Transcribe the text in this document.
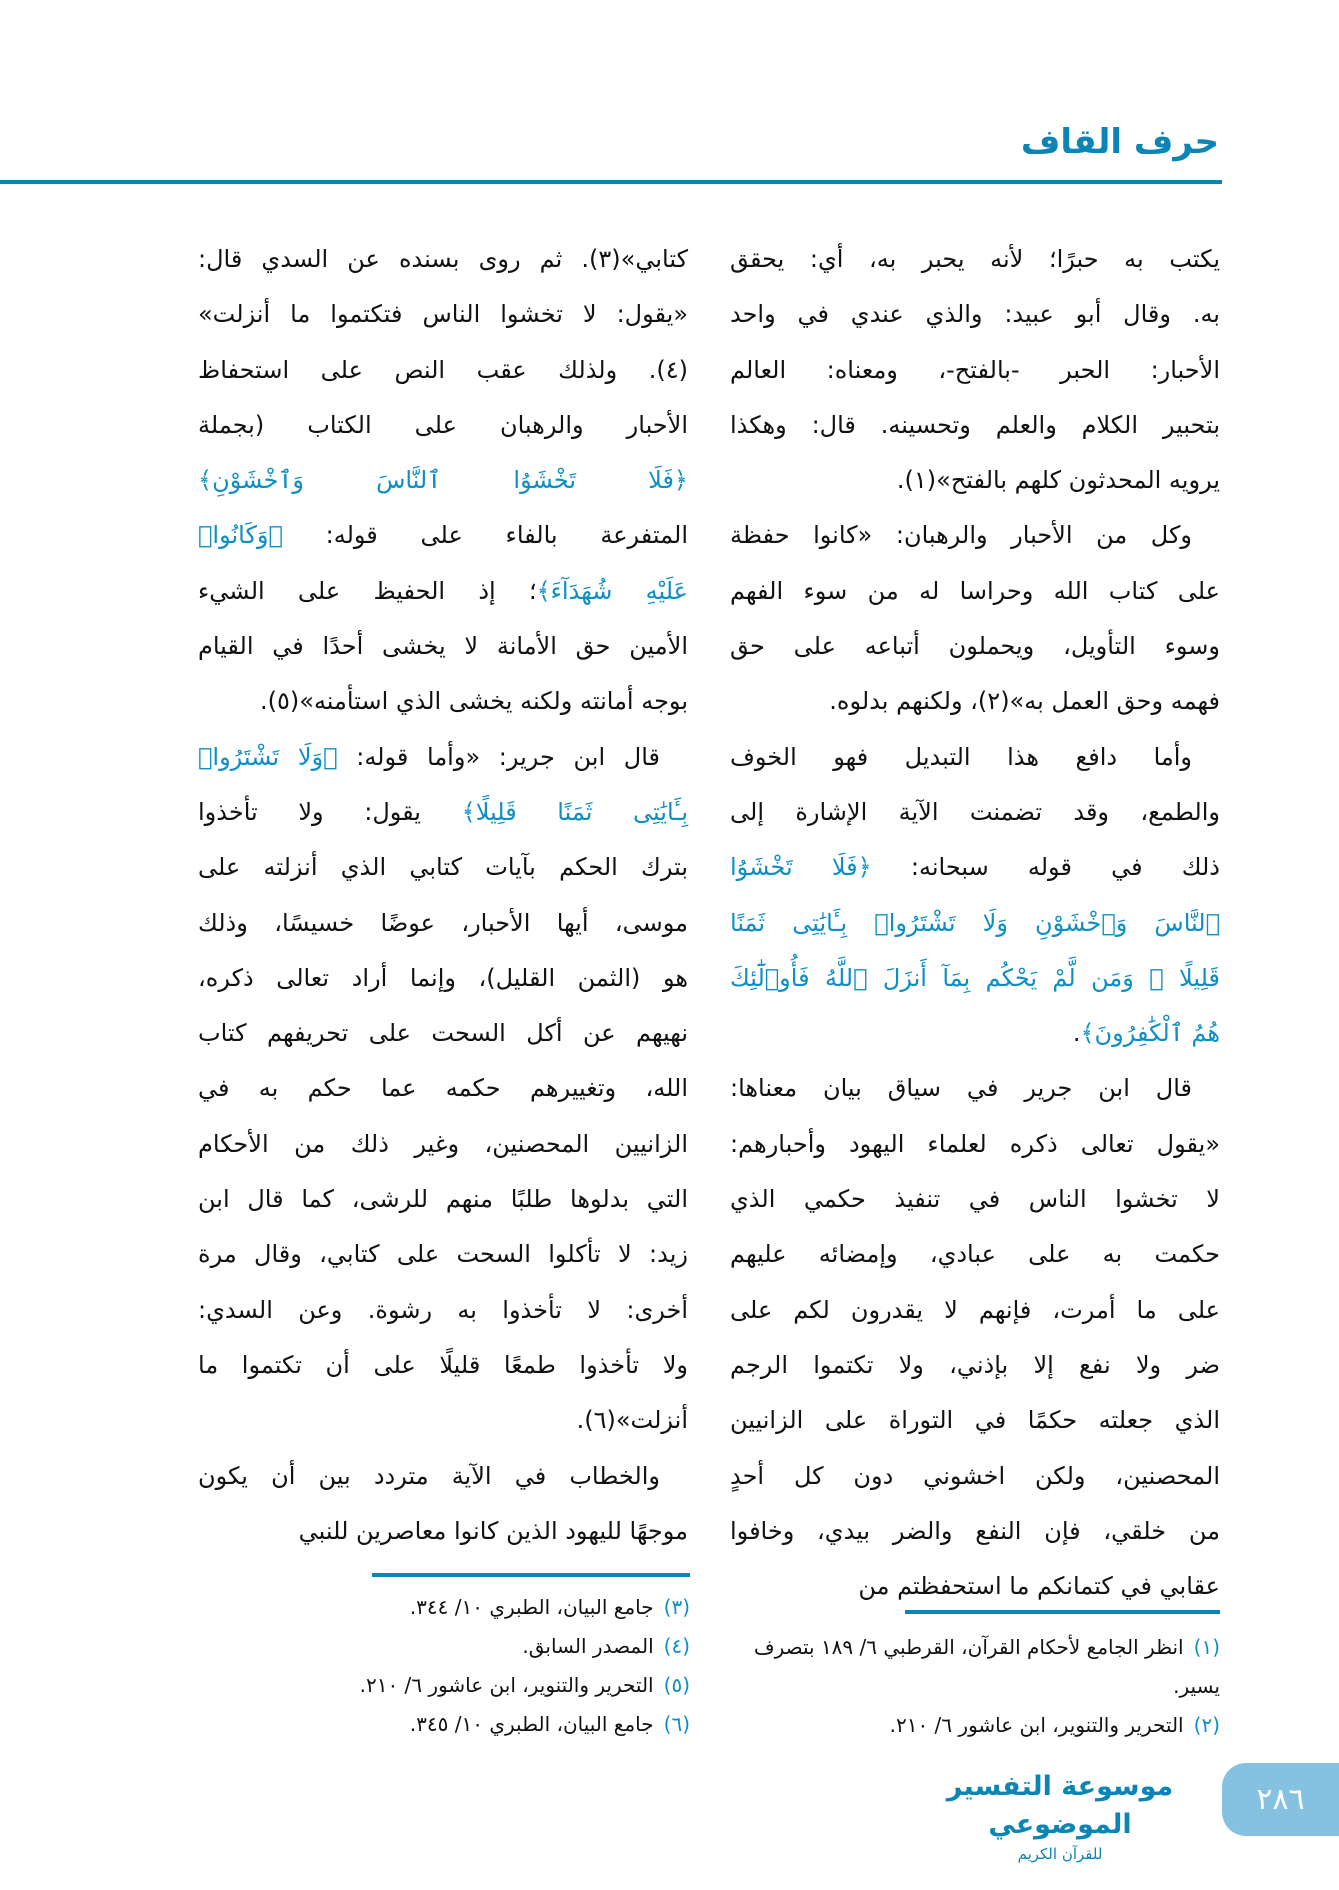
حرف القاف
يكتب به حبرًا؛ لأنه يحبر به، أي: يحقق
به. وقال أبو عبيد: والذي عندي في واحد
الأحبار: الحبر -بالفتح-، ومعناه: العالم
بتحبير الكلام والعلم وتحسينه. قال: وهكذا
يرويه المحدثون كلهم بالفتح»(١).
وكل من الأحبار والرهبان: «كانوا حفظة
على كتاب الله وحراسا له من سوء الفهم
وسوء التأويل، ويحملون أتباعه على حق
فهمه وحق العمل به»(٢)، ولكنهم بدلوه.
وأما دافع هذا التبديل فهو الخوف
والطمع، وقد تضمنت الآية الإشارة إلى
ذلك في قوله سبحانه: ﴿فَلَا تَخْشَوُا
ٱلنَّاسَ وَٱخْشَوْنِ وَلَا تَشْتَرُوا۟ بِـَٔايَٰتِى ثَمَنًا
قَلِيلًا ۚ وَمَن لَّمْ يَحْكُم بِمَآ أَنزَلَ ٱللَّهُ فَأُو۟لَٰٓئِكَ
هُمُ ٱلْكَٰفِرُونَ﴾.
قال ابن جرير في سياق بيان معناها:
«يقول تعالى ذكره لعلماء اليهود وأحبارهم:
لا تخشوا الناس في تنفيذ حكمي الذي
حكمت به على عبادي، وإمضائه عليهم
على ما أمرت، فإنهم لا يقدرون لكم على
ضر ولا نفع إلا بإذني، ولا تكتموا الرجم
الذي جعلته حكمًا في التوراة على الزانيين
المحصنين، ولكن اخشوني دون كل أحدٍ
من خلقي، فإن النفع والضر بيدي، وخافوا
عقابي في كتمانكم ما استحفظتم من
كتابي»(٣). ثم روى بسنده عن السدي قال:
«يقول: لا تخشوا الناس فتكتموا ما أنزلت»
(٤). ولذلك عقب النص على استحفاظ
الأحبار والرهبان على الكتاب (بجملة
﴿فَلَا تَخْشَوُا ٱلنَّاسَ وَٱخْشَوْنِ﴾
المتفرعة بالفاء على قوله: ﴿وَكَانُوا۟
عَلَيْهِ شُهَدَآءَ﴾؛ إذ الحفيظ على الشيء
الأمين حق الأمانة لا يخشى أحدًا في القيام
بوجه أمانته ولكنه يخشى الذي استأمنه»(٥).
قال ابن جرير: «وأما قوله: ﴿وَلَا تَشْتَرُوا۟
بِـَٔايَٰتِى ثَمَنًا قَلِيلًا﴾ يقول: ولا تأخذوا
بترك الحكم بآيات كتابي الذي أنزلته على
موسى، أيها الأحبار، عوضًا خسيسًا، وذلك
هو (الثمن القليل)، وإنما أراد تعالى ذكره،
نهيهم عن أكل السحت على تحريفهم كتاب
الله، وتغييرهم حكمه عما حكم به في
الزانيين المحصنين، وغير ذلك من الأحكام
التي بدلوها طلبًا منهم للرشى، كما قال ابن
زيد: لا تأكلوا السحت على كتابي، وقال مرة
أخرى: لا تأخذوا به رشوة. وعن السدي:
ولا تأخذوا طمعًا قليلًا على أن تكتموا ما
أنزلت»(٦).
والخطاب في الآية متردد بين أن يكون
موجهًا لليهود الذين كانوا معاصرين للنبي
(١)انظر الجامع لأحكام القرآن، القرطبي ٦/ ١٨٩ بتصرف يسير.
(٢)التحرير والتنوير، ابن عاشور ٦/ ٢١٠.
(٣)جامع البيان، الطبري ١٠/ ٣٤٤.
(٤)المصدر السابق.
(٥)التحرير والتنوير، ابن عاشور ٦/ ٢١٠.
(٦)جامع البيان، الطبري ١٠/ ٣٤٥.
موسوعة التفسير الموضوعي
للقرآن الكريم
٢٨٦
